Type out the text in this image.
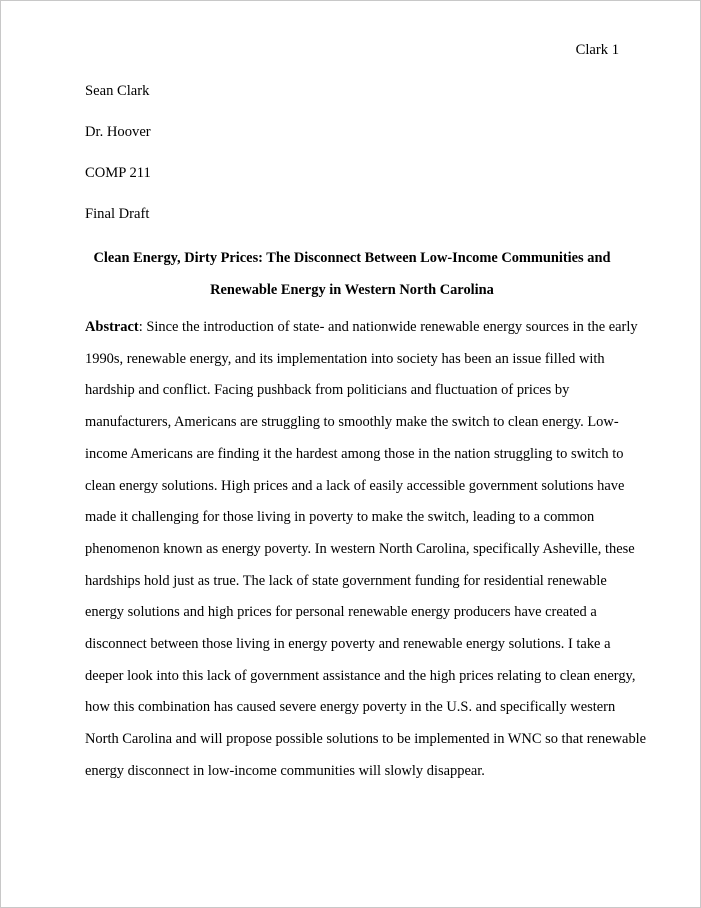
Clark 1
Sean Clark
Dr. Hoover
COMP 211
Final Draft
Clean Energy, Dirty Prices: The Disconnect Between Low-Income Communities and
Renewable Energy in Western North Carolina
Abstract: Since the introduction of state- and nationwide renewable energy sources in the early
1990s, renewable energy, and its implementation into society has been an issue filled with
hardship and conflict. Facing pushback from politicians and fluctuation of prices by
manufacturers, Americans are struggling to smoothly make the switch to clean energy. Low-
income Americans are finding it the hardest among those in the nation struggling to switch to
clean energy solutions. High prices and a lack of easily accessible government solutions have
made it challenging for those living in poverty to make the switch, leading to a common
phenomenon known as energy poverty. In western North Carolina, specifically Asheville, these
hardships hold just as true. The lack of state government funding for residential renewable
energy solutions and high prices for personal renewable energy producers have created a
disconnect between those living in energy poverty and renewable energy solutions. I take a
deeper look into this lack of government assistance and the high prices relating to clean energy,
how this combination has caused severe energy poverty in the U.S. and specifically western
North Carolina and will propose possible solutions to be implemented in WNC so that renewable
energy disconnect in low-income communities will slowly disappear.
